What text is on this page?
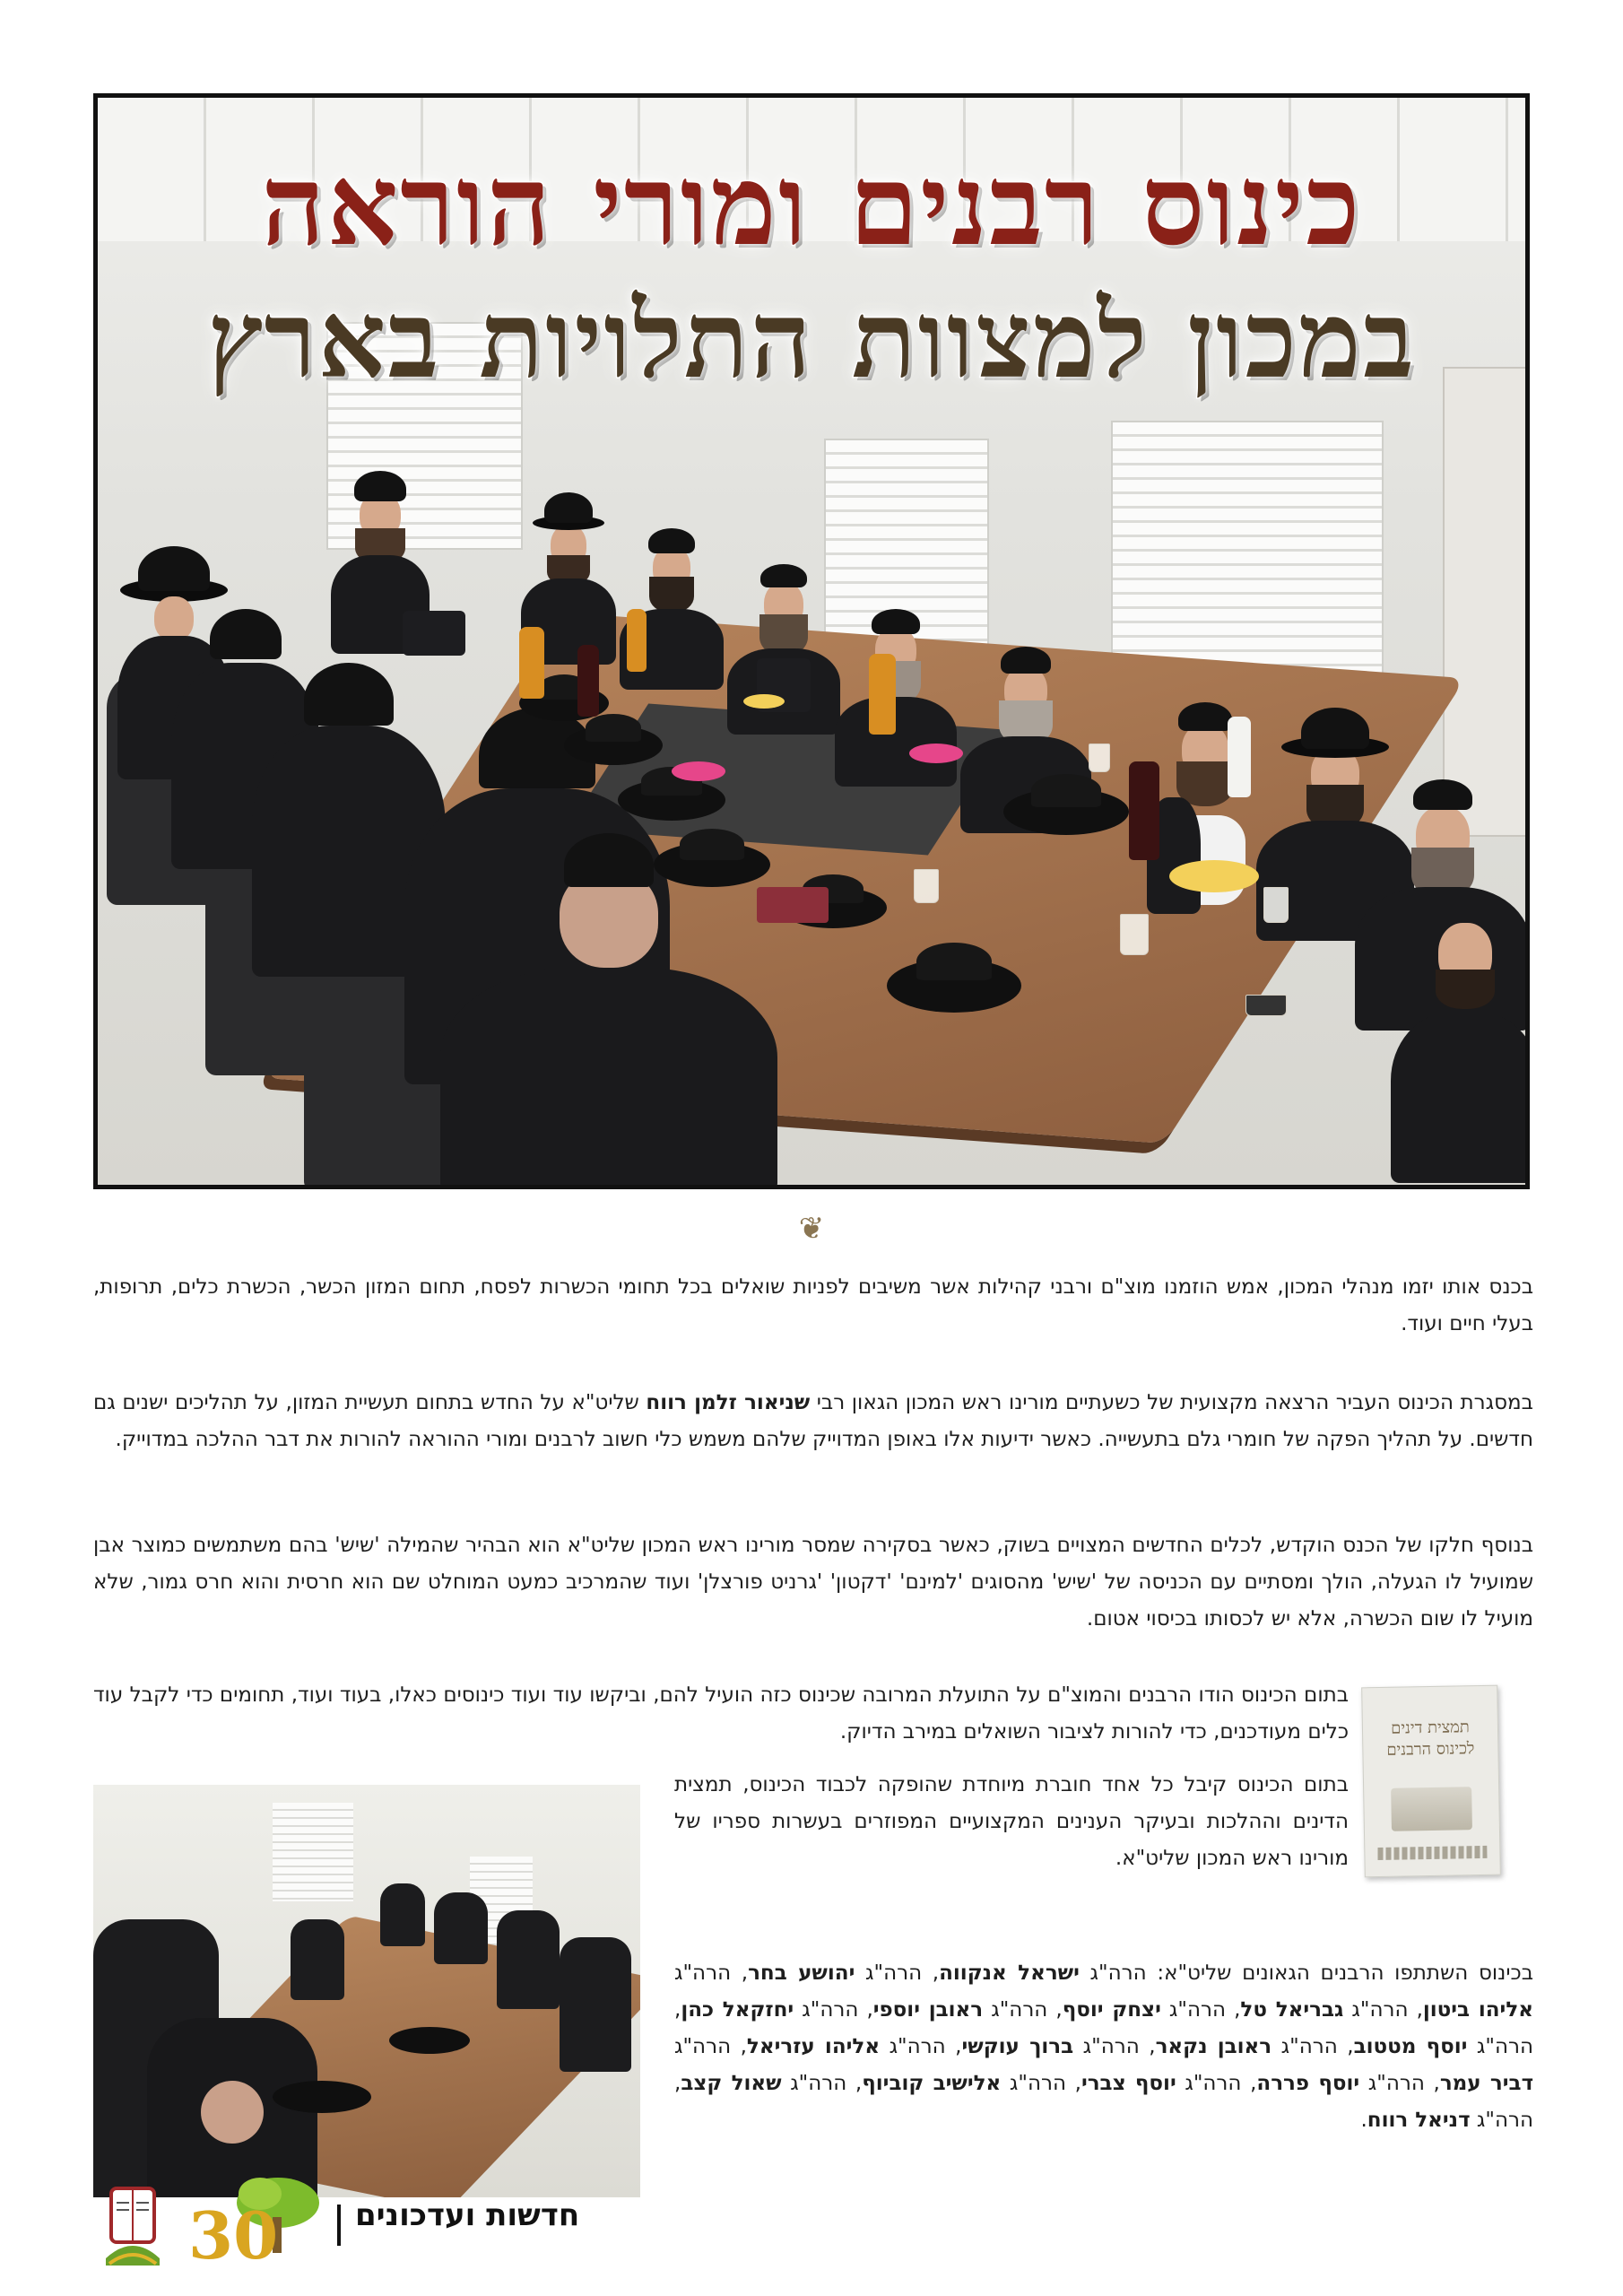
כינוס רבנים ומורי הוראה
במכון למצוות התלויות בארץ
❦

בכנס אותו יזמו מנהלי המכון, אמש הוזמנו מוצ"ם ורבני קהילות אשר משיבים לפניות שואלים בכל תחומי הכשרות לפסח, תחום המזון הכשר, הכשרת כלים, תרופות, בעלי חיים ועוד.

במסגרת הכינוס העביר הרצאה מקצועית של כשעתיים מורינו ראש המכון הגאון רבי שניאור זלמן רווח שליט"א על החדש בתחום תעשיית המזון, על תהליכים ישנים גם חדשים. על תהליך הפקה של חומרי גלם בתעשייה. כאשר ידיעות אלו באופן המדוייק שלהם משמש כלי חשוב לרבנים ומורי ההוראה להורות את דבר ההלכה במדוייק.

בנוסף חלקו של הכנס הוקדש, לכלים החדשים המצויים בשוק, כאשר בסקירה שמסר מורינו ראש המכון שליט"א הוא הבהיר שהמילה 'שיש' בהם משתמשים כמוצר אבן שמועיל לו הגעלה, הולך ומסתיים עם הכניסה של 'שיש' מהסוגים 'למינם' 'דקטון' 'גרניט פורצלן' ועוד שהמרכיב כמעט המוחלט שם הוא חרסית והוא חרס גמור, שלא מועיל לו שום הכשרה, אלא יש לכסותו בכיסוי אטום.

בתום הכינוס הודו הרבנים והמוצ"ם על התועלת המרובה שכינוס כזה הועיל להם, וביקשו עוד ועוד כינוסים כאלו, בעוד ועוד, תחומים כדי לקבל עוד כלים מעודכנים, כדי להורות לציבור השואלים במירב הדיוק.

בתום הכינוס קיבל כל אחד חוברת מיוחדת שהופקה לכבוד הכינוס, תמצית הדינים וההלכות ובעיקר הענינים המקצועיים המפוזרים בעשרות ספריו של מורינו ראש המכון שליט"א.

בכינוס השתתפו הרבנים הגאונים שליט"א: הרה"ג ישראל אנקווה, הרה"ג יהושע בחר, הרה"ג אליהו ביטון, הרה"ג גבריאל טל, הרה"ג יצחק יוסף, הרה"ג ראובן יוספי, הרה"ג יחזקאל כהן, הרה"ג יוסף מטטוב, הרה"ג ראובן נקאר, הרה"ג ברוך עוקשי, הרה"ג אליהו עזריאל, הרה"ג דביר עמר, הרה"ג יוסף פררה, הרה"ג יוסף צברי, הרה"ג אלישיב קוביוף, הרה"ג שאול קצב, הרה"ג דניאל רווח.

תמצית דינים לכינוס הרבנים
30	חדשות ועדכונים
